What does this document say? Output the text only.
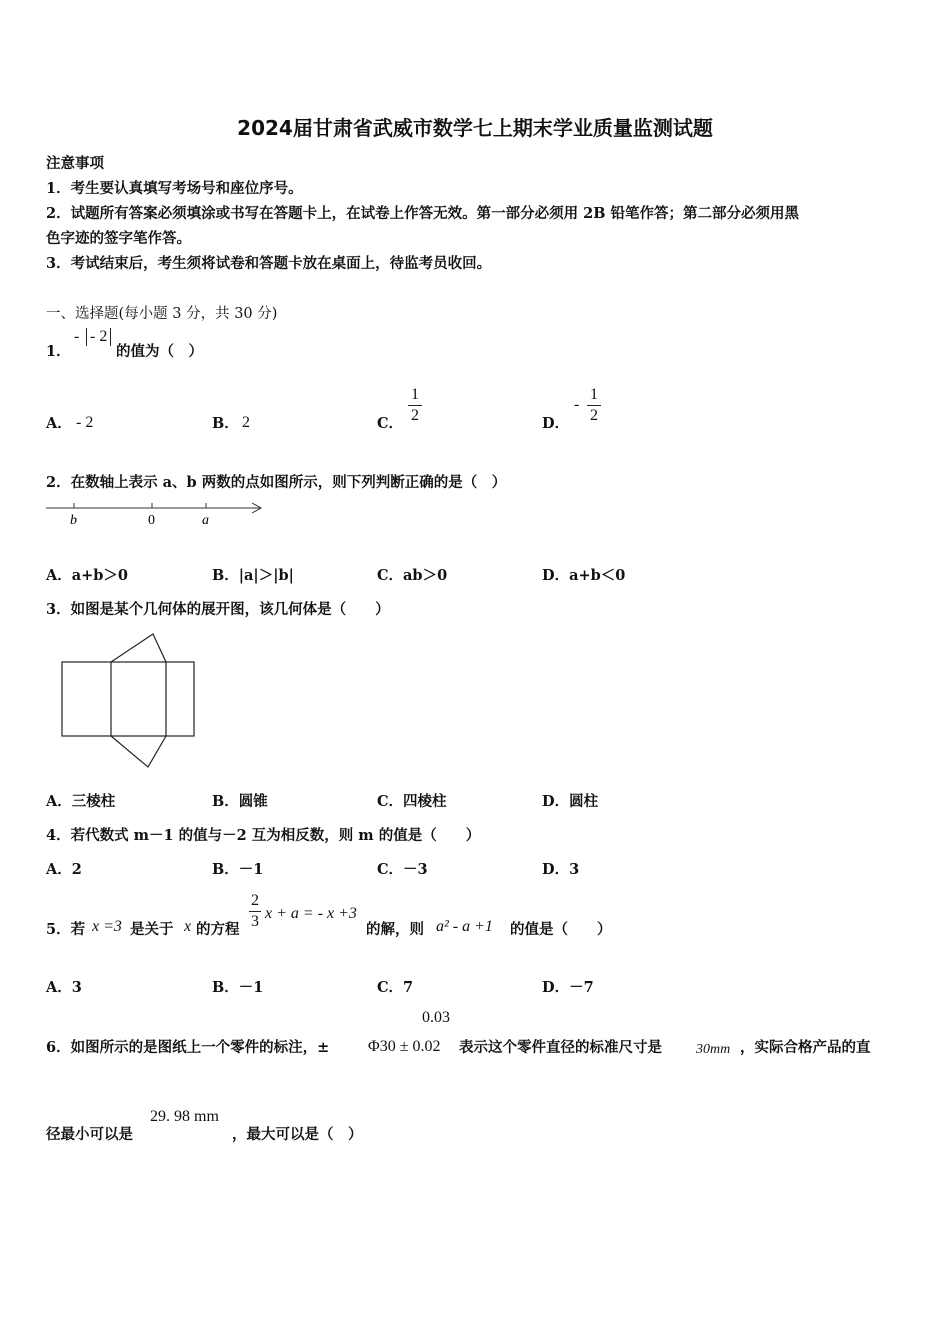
2024届甘肃省武威市数学七上期末学业质量监测试题
注意事项
1．考生要认真填写考场号和座位序号。
2．试题所有答案必须填涂或书写在答题卡上，在试卷上作答无效。第一部分必须用 2B 铅笔作答；第二部分必须用黑
色字迹的签字笔作答。
3．考试结束后，考生须将试卷和答题卡放在桌面上，待监考员收回。
一、选择题(每小题 3 分，共 30 分)
1．
- - 2
的值为（　）
A． - 2	B． 2	C．
1
2	D．
-
1
2
2．在数轴上表示 a、b 两数的点如图所示，则下列判断正确的是（　）
b	0	a
A．a+b＞0	B．|a|＞|b|	C．ab＞0	D．a+b＜0
3．如图是某个几何体的展开图，该几何体是（　　）
A．三棱柱	B．圆锥	C．四棱柱	D．圆柱
4．若代数式 m－1 的值与－2 互为相反数，则 m 的值是（　　）
A．2	B．－1	C．－3	D．3
5．若 x =3 是关于 x 的方程
2
3 x + a = - x +3
的解，则 a² - a +1 的值是（　　）
A．3	B．－1	C．7	D．－7
0.03
6．如图所示的是图纸上一个零件的标注，± Φ30 ± 0.02 表示这个零件直径的标准尺寸是 30mm ，实际合格产品的直
径最小可以是
29. 98 mm
，最大可以是（　）
